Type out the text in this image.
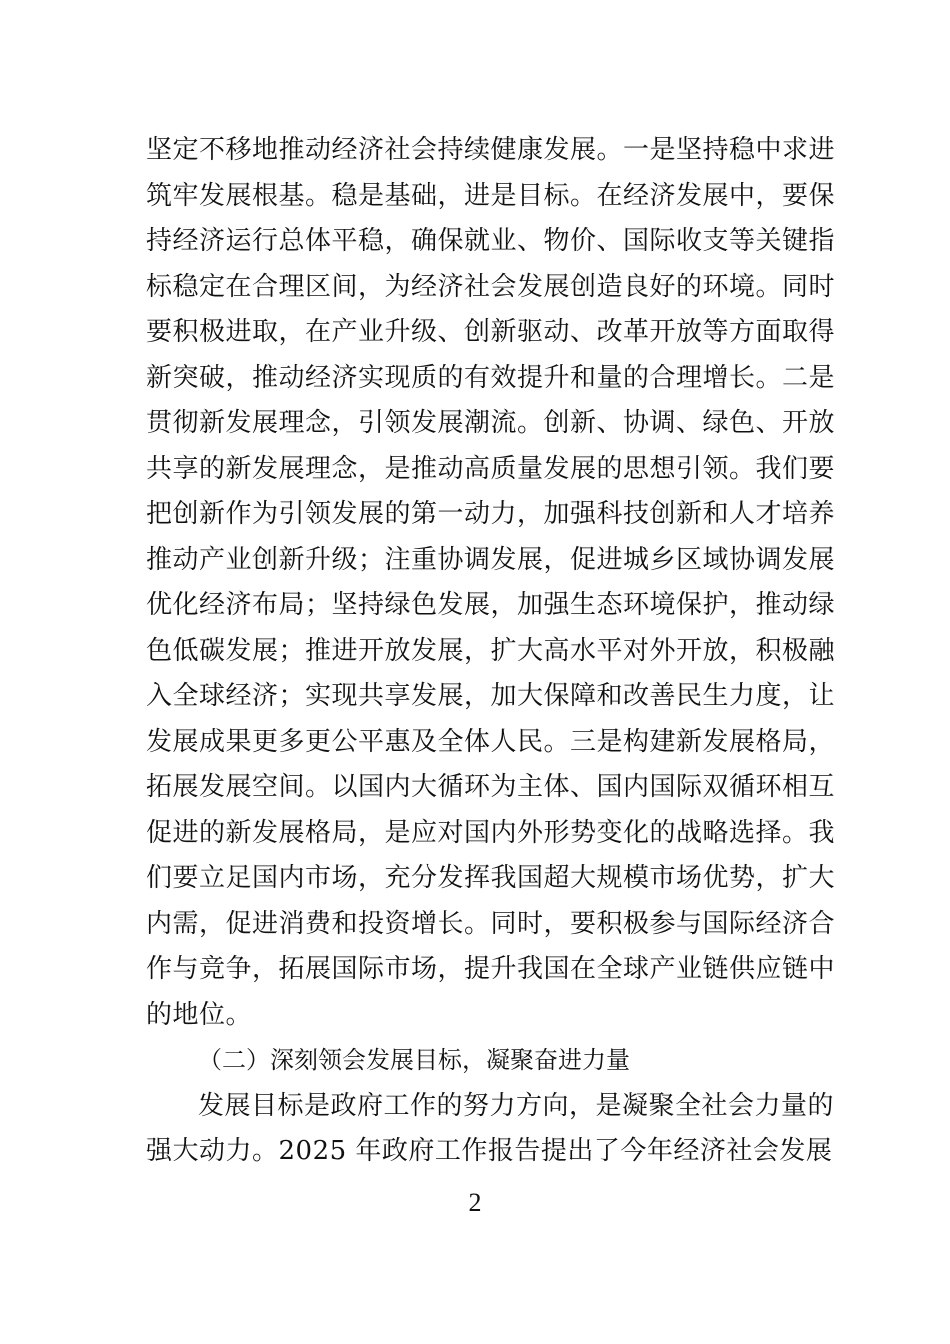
坚定不移地推动经济社会持续健康发展。一是坚持稳中求进
筑牢发展根基。稳是基础，进是目标。在经济发展中，要保
持经济运行总体平稳，确保就业、物价、国际收支等关键指
标稳定在合理区间，为经济社会发展创造良好的环境。同时
要积极进取，在产业升级、创新驱动、改革开放等方面取得
新突破，推动经济实现质的有效提升和量的合理增长。二是
贯彻新发展理念，引领发展潮流。创新、协调、绿色、开放
共享的新发展理念，是推动高质量发展的思想引领。我们要
把创新作为引领发展的第一动力，加强科技创新和人才培养
推动产业创新升级；注重协调发展，促进城乡区域协调发展
优化经济布局；坚持绿色发展，加强生态环境保护，推动绿
色低碳发展；推进开放发展，扩大高水平对外开放，积极融
入全球经济；实现共享发展，加大保障和改善民生力度，让
发展成果更多更公平惠及全体人民。三是构建新发展格局，
拓展发展空间。以国内大循环为主体、国内国际双循环相互
促进的新发展格局，是应对国内外形势变化的战略选择。我
们要立足国内市场，充分发挥我国超大规模市场优势，扩大
内需，促进消费和投资增长。同时，要积极参与国际经济合
作与竞争，拓展国际市场，提升我国在全球产业链供应链中
的地位。
（二）深刻领会发展目标，凝聚奋进力量
发展目标是政府工作的努力方向，是凝聚全社会力量的
强大动力。2025 年政府工作报告提出了今年经济社会发展
2
